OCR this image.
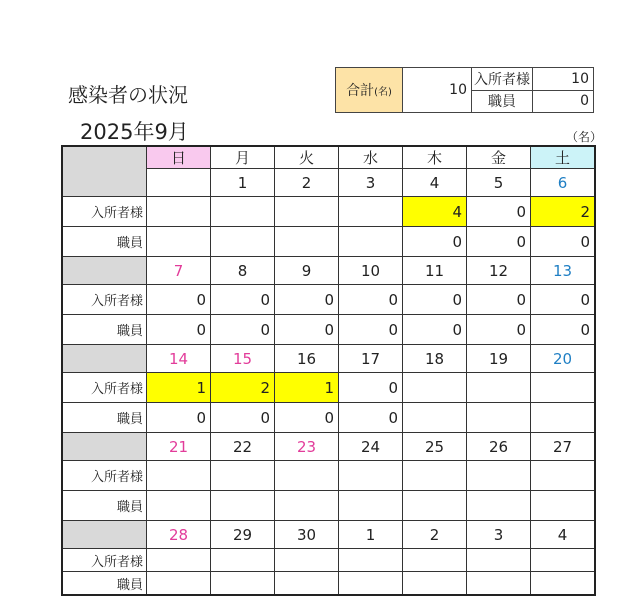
感染者の状況
2025年9月	（名）
合計(名)	10	入所者様	10
		職員	0
	日	月	火	水	木	金	土
		1	2	3	4	5	6
入所者様					4	0	2
職員					0	0	0
	7	8	9	10	11	12	13
入所者様	0	0	0	0	0	0	0
職員	0	0	0	0	0	0	0
	14	15	16	17	18	19	20
入所者様	1	2	1	0			
職員	0	0	0	0			
	21	22	23	24	25	26	27
入所者様							
職員							
	28	29	30	1	2	3	4
入所者様							
職員							
